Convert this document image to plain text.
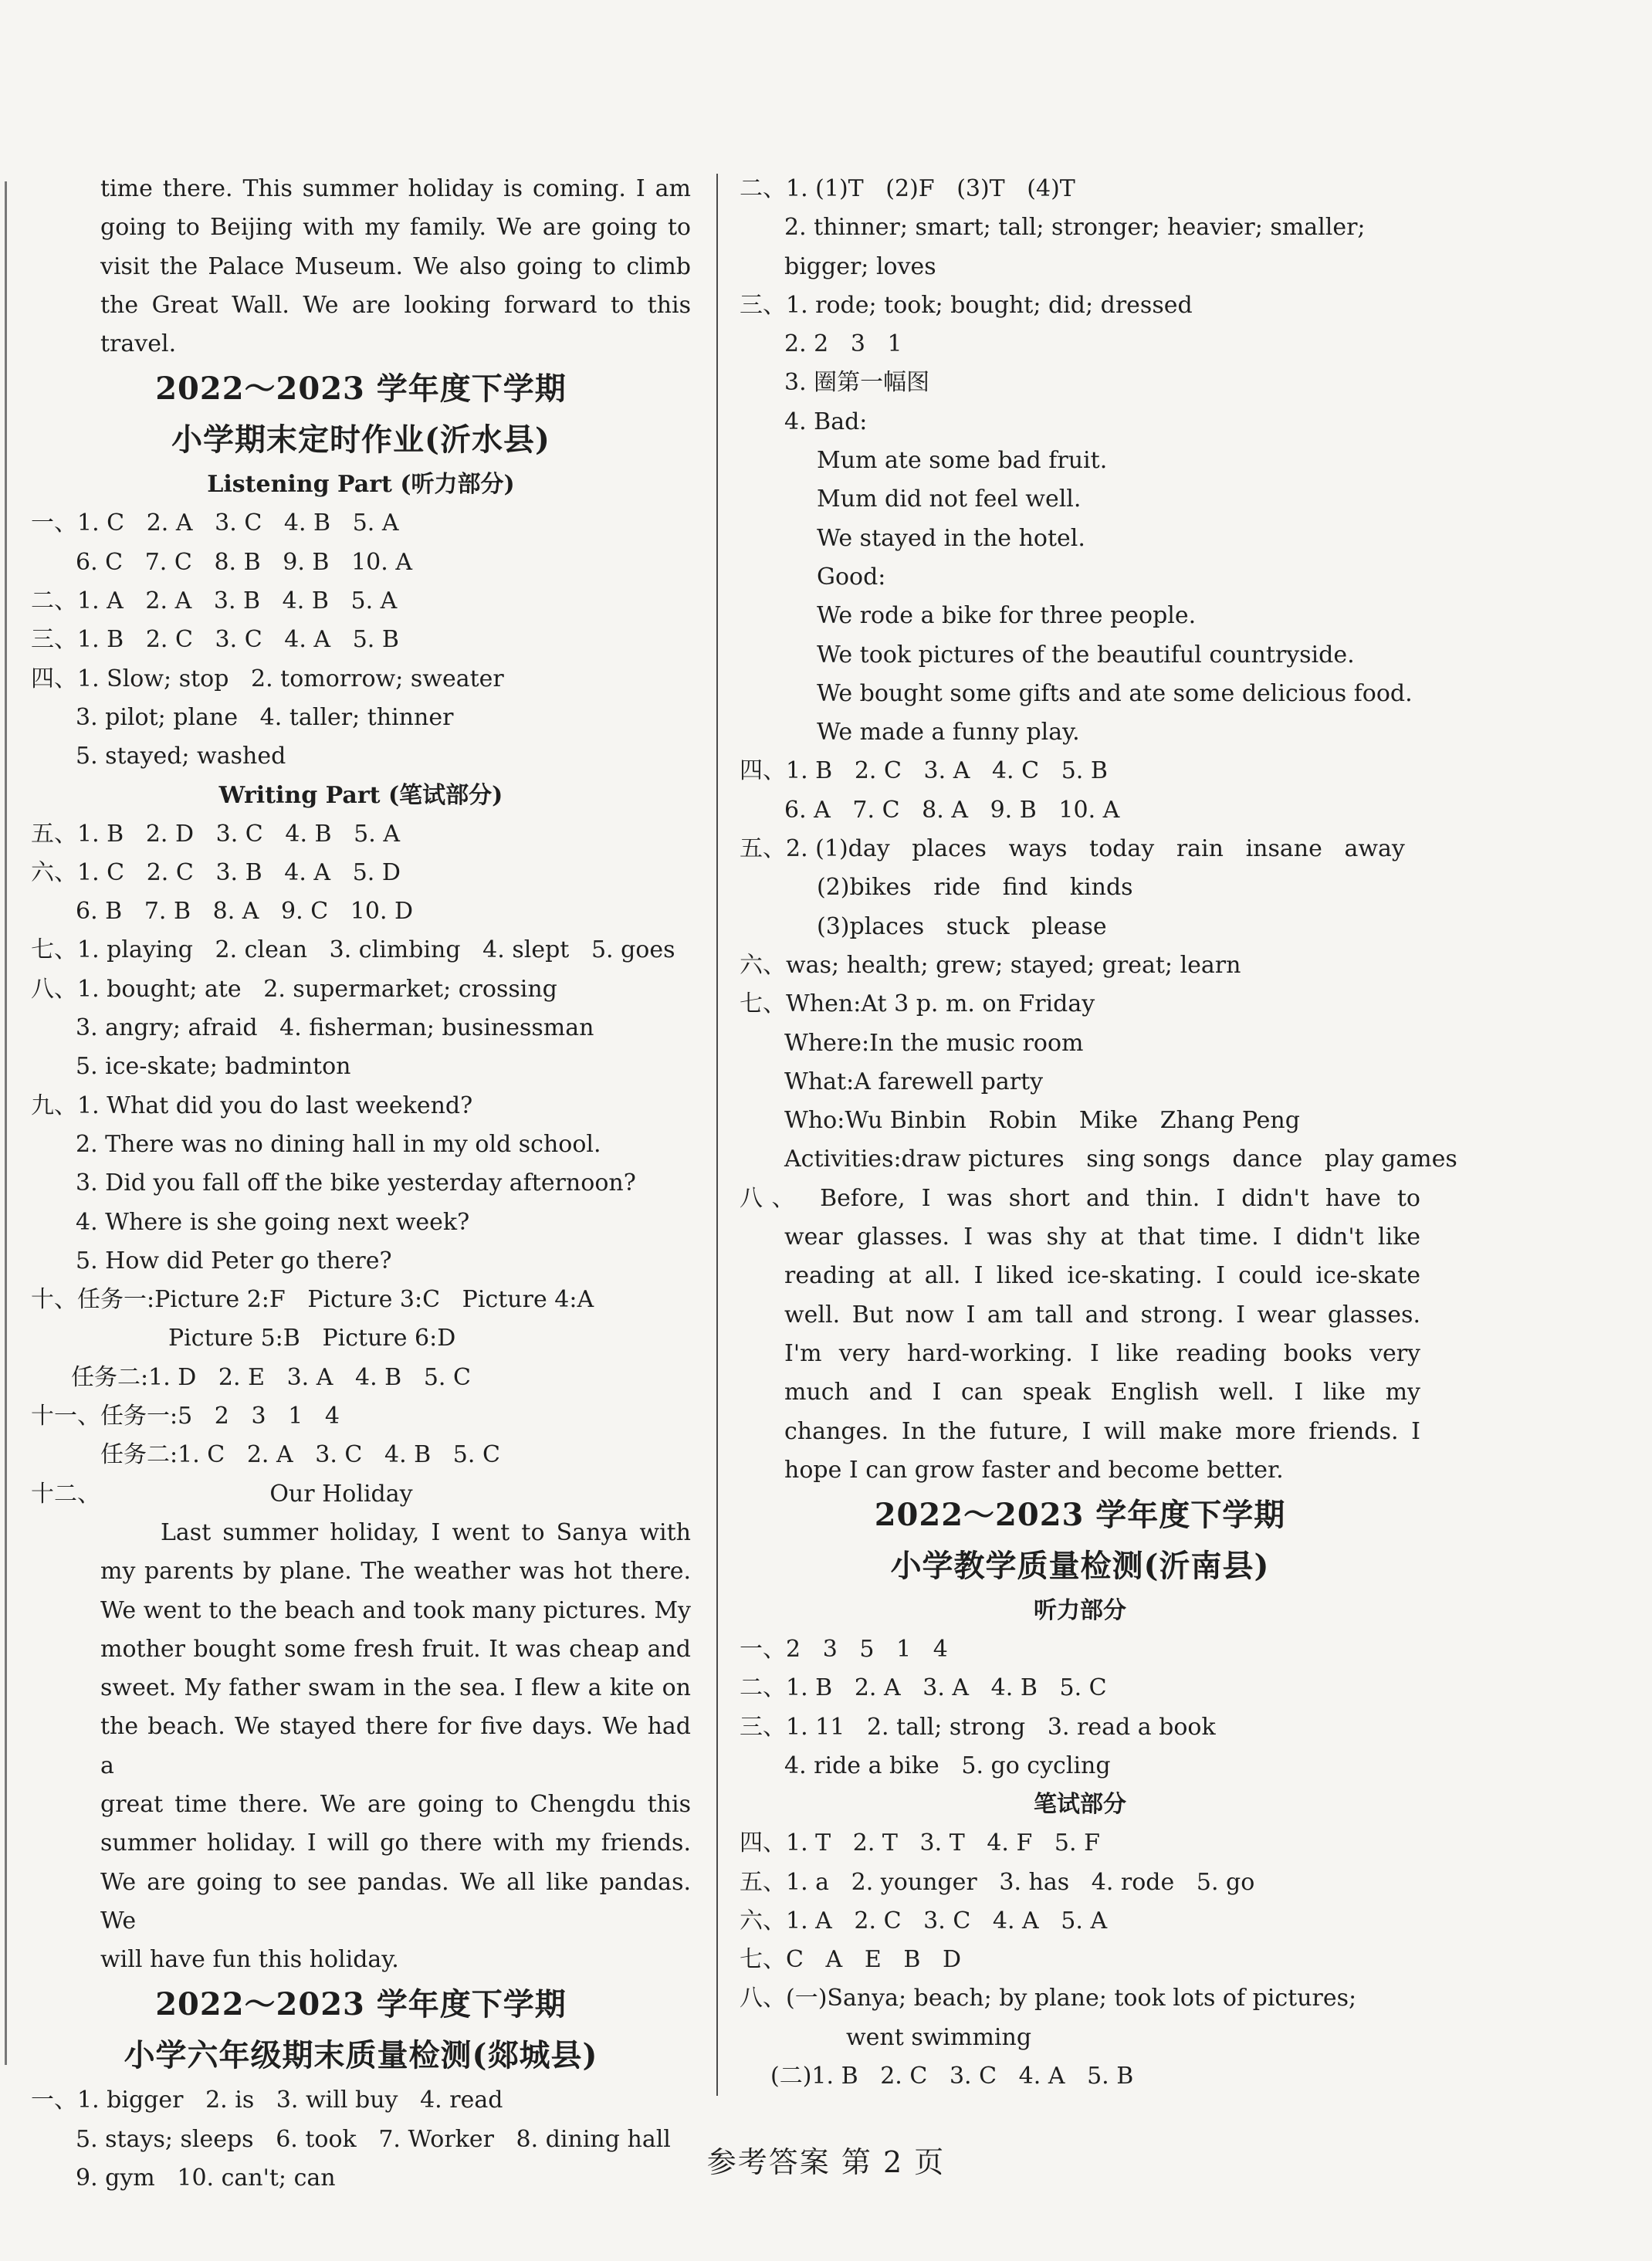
time there. This summer holiday is coming. I am
going to Beijing with my family. We are going to
visit the Palace Museum. We also going to climb
the Great Wall. We are looking forward to this
travel.
2022～2023 学年度下学期
小学期末定时作业(沂水县)
Listening Part (听力部分)
一、1. C   2. A   3. C   4. B   5. A
6. C   7. C   8. B   9. B   10. A
二、1. A   2. A   3. B   4. B   5. A
三、1. B   2. C   3. C   4. A   5. B
四、1. Slow; stop   2. tomorrow; sweater
3. pilot; plane   4. taller; thinner
5. stayed; washed
Writing Part (笔试部分)
五、1. B   2. D   3. C   4. B   5. A
六、1. C   2. C   3. B   4. A   5. D
6. B   7. B   8. A   9. C   10. D
七、1. playing   2. clean   3. climbing   4. slept   5. goes
八、1. bought; ate   2. supermarket; crossing
3. angry; afraid   4. fisherman; businessman
5. ice-skate; badminton
九、1. What did you do last weekend?
2. There was no dining hall in my old school.
3. Did you fall off the bike yesterday afternoon?
4. Where is she going next week?
5. How did Peter go there?
十、任务一:Picture 2:F   Picture 3:C   Picture 4:A
Picture 5:B   Picture 6:D
任务二:1. D   2. E   3. A   4. B   5. C
十一、任务一:5   2   3   1   4
任务二:1. C   2. A   3. C   4. B   5. C
十二、                       Our Holiday
Last summer holiday, I went to Sanya with
my parents by plane. The weather was hot there.
We went to the beach and took many pictures. My
mother bought some fresh fruit. It was cheap and
sweet. My father swam in the sea. I flew a kite on
the beach. We stayed there for five days. We had a
great time there. We are going to Chengdu this
summer holiday. I will go there with my friends.
We are going to see pandas. We all like pandas. We
will have fun this holiday.
2022～2023 学年度下学期
小学六年级期末质量检测(郯城县)
一、1. bigger   2. is   3. will buy   4. read
5. stays; sleeps   6. took   7. Worker   8. dining hall
9. gym   10. can't; can
二、1. (1)T   (2)F   (3)T   (4)T
2. thinner; smart; tall; stronger; heavier; smaller;
bigger; loves
三、1. rode; took; bought; did; dressed
2. 2   3   1
3. 圈第一幅图
4. Bad:
Mum ate some bad fruit.
Mum did not feel well.
We stayed in the hotel.
Good:
We rode a bike for three people.
We took pictures of the beautiful countryside.
We bought some gifts and ate some delicious food.
We made a funny play.
四、1. B   2. C   3. A   4. C   5. B
6. A   7. C   8. A   9. B   10. A
五、2. (1)day   places   ways   today   rain   insane   away
(2)bikes   ride   find   kinds
(3)places   stuck   please
六、was; health; grew; stayed; great; learn
七、When:At 3 p. m. on Friday
Where:In the music room
What:A farewell party
Who:Wu Binbin   Robin   Mike   Zhang Peng
Activities:draw pictures   sing songs   dance   play games
八、 Before, I was short and thin. I didn't have to
wear glasses. I was shy at that time. I didn't like
reading at all. I liked ice-skating. I could ice-skate
well. But now I am tall and strong. I wear glasses.
I'm very hard-working. I like reading books very
much and I can speak English well. I like my
changes. In the future, I will make more friends. I
hope I can grow faster and become better.
2022～2023 学年度下学期
小学教学质量检测(沂南县)
听力部分
一、2   3   5   1   4
二、1. B   2. A   3. A   4. B   5. C
三、1. 11   2. tall; strong   3. read a book
4. ride a bike   5. go cycling
笔试部分
四、1. T   2. T   3. T   4. F   5. F
五、1. a   2. younger   3. has   4. rode   5. go
六、1. A   2. C   3. C   4. A   5. A
七、C   A   E   B   D
八、(一)Sanya; beach; by plane; took lots of pictures;
went swimming
(二)1. B   2. C   3. C   4. A   5. B
参考答案 第 2 页
